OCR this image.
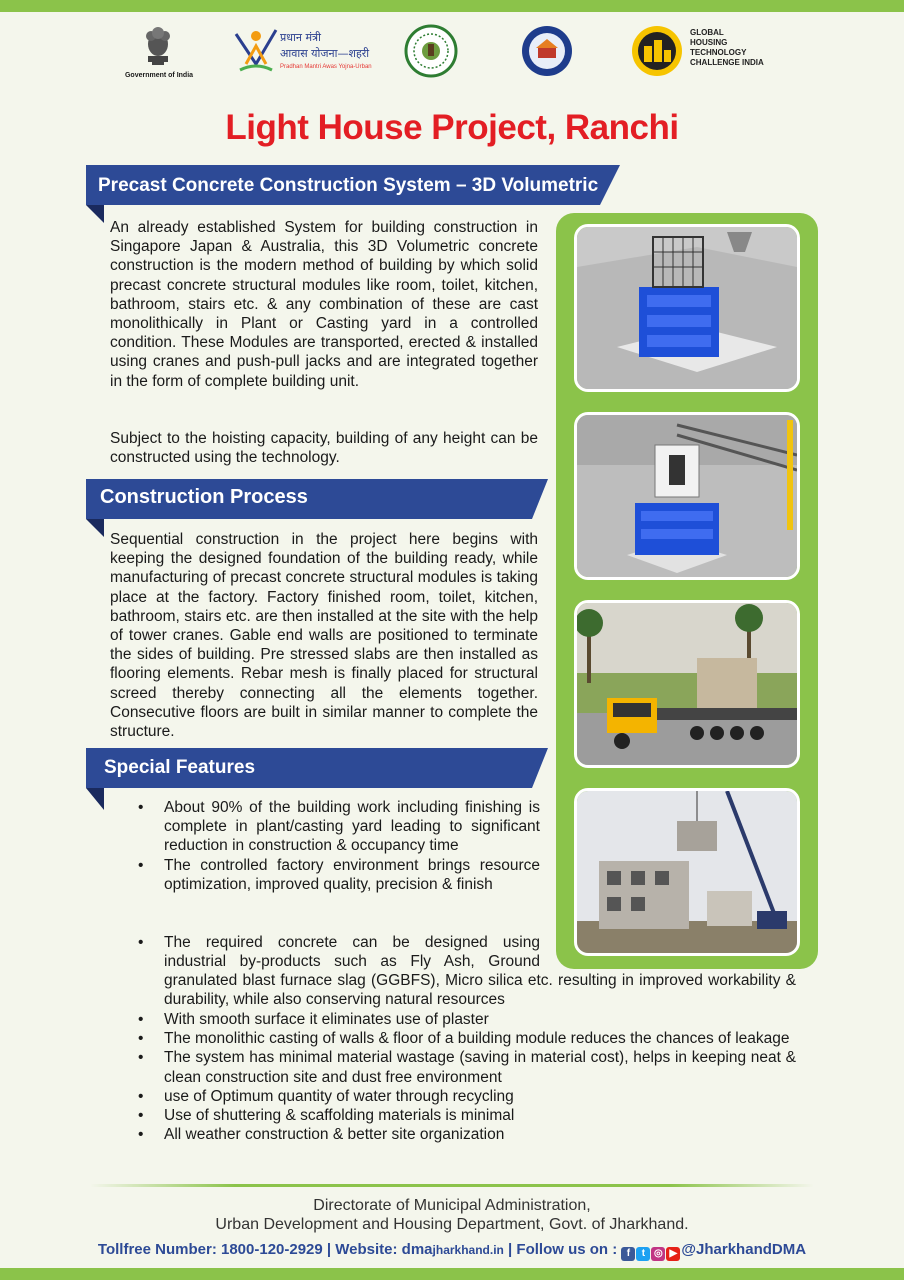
Government of India
प्रधान मंत्री
आवास योजना—शहरी
Pradhan Mantri Awas Yojna-Urban
GLOBAL
HOUSING
TECHNOLOGY
CHALLENGE INDIA
Light House Project, Ranchi
Precast Concrete Construction System – 3D Volumetric
An already established System for building construction in Singapore Japan & Australia, this 3D Volumetric concrete construction is the modern method of building by which solid precast concrete structural modules like room, toilet, kitchen, bathroom, stairs etc. & any combination of these are cast monolithically in Plant or Casting yard in a controlled condition. These Modules are transported, erected & installed using cranes and push-pull jacks and are integrated together in the form of complete building unit.
Subject to the hoisting capacity, building of any height can be constructed using the technology.
Construction Process
Sequential construction in the project here begins with keeping the designed foundation of the building ready, while manufacturing of precast concrete structural modules is taking place at the factory. Factory finished room, toilet, kitchen, bathroom, stairs etc. are then installed at the site with the help of tower cranes. Gable end walls are positioned to terminate the sides of building. Pre stressed slabs are then installed as flooring elements. Rebar mesh is finally placed for structural screed thereby connecting all the elements together. Consecutive floors are built in similar manner to complete the structure.
Special Features
• About 90% of the building work including finishing is complete in plant/casting yard leading to significant reduction in construction & occupancy time
• The controlled factory environment brings resource optimization, improved quality, precision & finish
•	The required concrete can be designed using
industrial by-products such as Fly Ash, Ground
granulated blast furnace slag (GGBFS), Micro silica etc. resulting in improved workability & durability, while also conserving natural resources
• With smooth surface it eliminates use of plaster
• The monolithic casting of walls & floor of a building module reduces the chances of leakage
• The system has minimal material wastage (saving in material cost), helps in keeping neat & clean construction site and dust free environment
• use of Optimum quantity of water through recycling
• Use of shuttering & scaffolding materials is minimal
• All weather construction & better site organization
Directorate of Municipal Administration,
Urban Development and Housing Department, Govt. of Jharkhand.
Tollfree Number: 1800-120-2929 | Website: dmajharkhand.in | Follow us on : f t ◎ ▶ @JharkhandDMA
